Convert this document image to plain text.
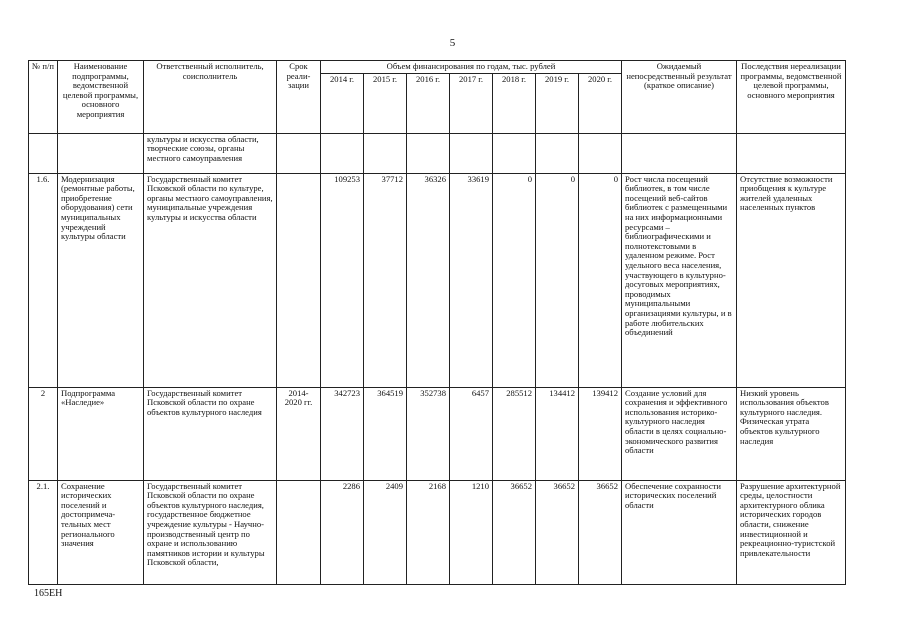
5
№ п/п	Наименование подпрограммы, ведомственной целевой программы, основного мероприятия	Ответственный исполнитель, соисполнитель	Срок реали-зации	Объем финансирования по годам, тыс. рублей							Ожидаемый непосредственный результат (краткое описание)	Последствия нереализации программы, ведомственной целевой программы, основного мероприятия
				2014 г.	2015 г.	2016 г.	2017 г.	2018 г.	2019 г.	2020 г.		
		культуры и искусства области, творческие союзы, органы местного самоуправления										
1.6.	Модернизация (ремонтные работы, приобретение оборудования) сети муниципальных учреждений культуры области	Государственный комитет Псковской области по культуре, органы местного самоуправления, муниципальные учреждения культуры и искусства области		109253	37712	36326	33619	0	0	0	Рост числа посещений библиотек, в том числе посещений веб-сайтов библиотек с размещенными на них информационными ресурсами – библиографическими и полнотекстовыми в удаленном режиме. Рост удельного веса населения, участвующего в культурно-досуговых мероприятиях, проводимых муниципальными организациями культуры, и в работе любительских объединений	Отсутствие возможности приобщения к культуре жителей удаленных населенных пунктов
2	Подпрограмма «Наследие»	Государственный комитет Псковской области по охране объектов культурного наследия	2014-2020 гг.	342723	364519	352738	6457	285512	134412	139412	Создание условий для сохранения и эффективного использования историко-культурного наследия области в целях социально-экономического развития области	Низкий уровень использования объектов культурного наследия. Физическая утрата объектов культурного наследия
2.1.	Сохранение исторических поселений и достопримеча-тельных мест регионального значения	Государственный комитет Псковской области по охране объектов культурного наследия, государственное бюджетное учреждение культуры - Научно-производственный центр по охране и использованию памятников истории и культуры Псковской области,		2286	2409	2168	1210	36652	36652	36652	Обеспечение сохранности исторических поселений области	Разрушение архитектурной среды, целостности архитектурного облика исторических городов области, снижение инвестиционной и рекреационно-туристской привлекательности
165ЕН
